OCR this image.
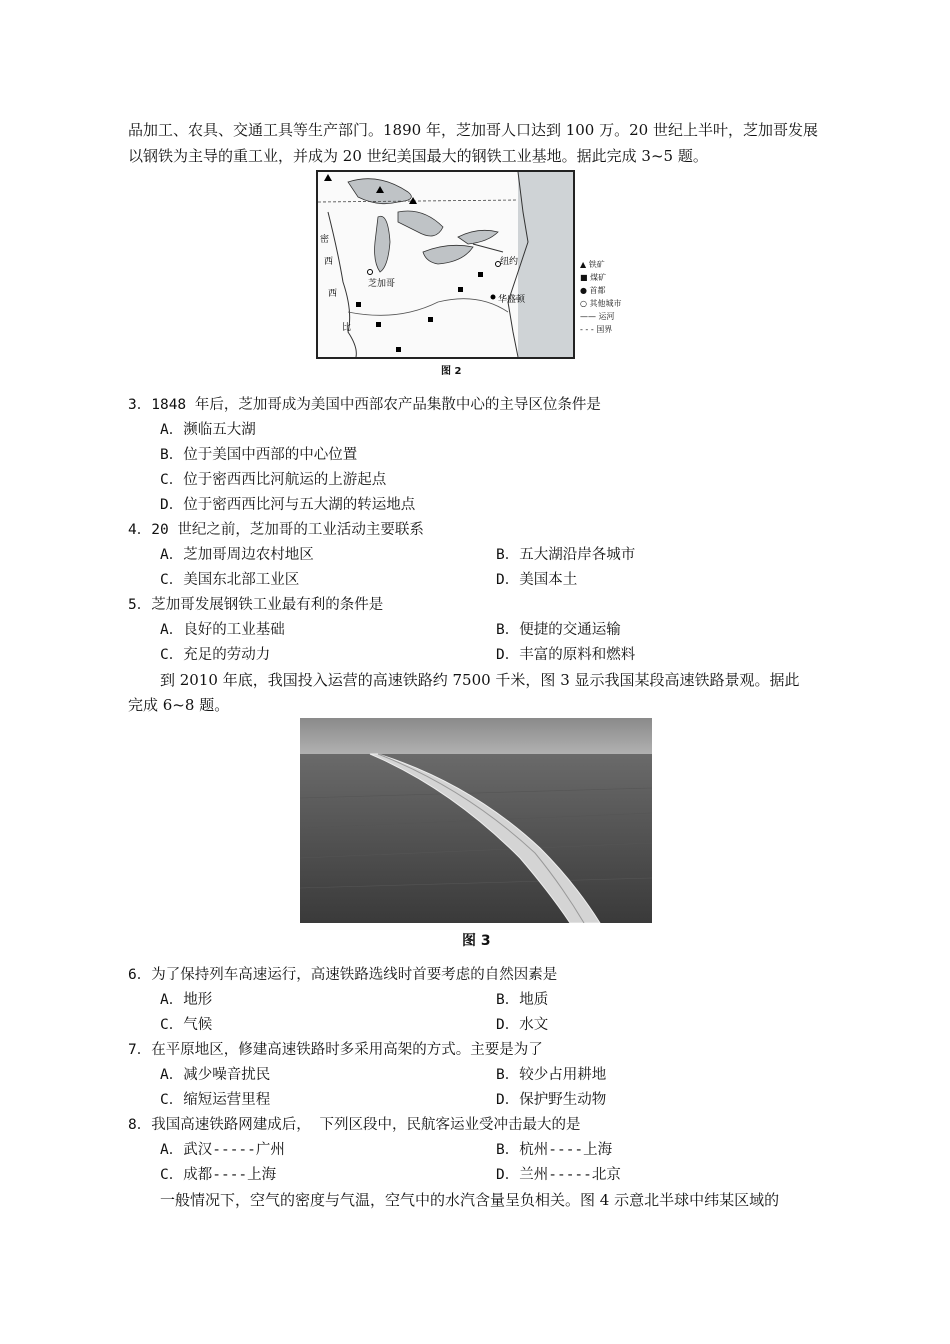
品加工、农具、交通工具等生产部门。1890 年，芝加哥人口达到 100 万。20 世纪上半叶，芝加哥发展
以钢铁为主导的重工业，并成为 20 世纪美国最大的钢铁工业基地。据此完成 3~5 题。
芝加哥
纽约
华盛顿
密
西
西
比
▲ 铁矿
■ 煤矿
● 首都
○ 其他城市
—— 运河
- - - 国界
图 2
3．1848 年后，芝加哥成为美国中西部农产品集散中心的主导区位条件是
A．濒临五大湖
B．位于美国中西部的中心位置
C．位于密西西比河航运的上游起点
D．位于密西西比河与五大湖的转运地点
4．20 世纪之前，芝加哥的工业活动主要联系
A．芝加哥周边农村地区	B．五大湖沿岸各城市
C．美国东北部工业区	D．美国本土
5．芝加哥发展钢铁工业最有利的条件是
A．良好的工业基础	B．便捷的交通运输
C．充足的劳动力	D．丰富的原料和燃料
到 2010 年底，我国投入运营的高速铁路约 7500 千米，图 3 显示我国某段高速铁路景观。据此
完成 6~8 题。
图 3
6．为了保持列车高速运行，高速铁路选线时首要考虑的自然因素是
A．地形	B．地质
C．气候	D．水文
7．在平原地区，修建高速铁路时多采用高架的方式。主要是为了
A．减少噪音扰民	B．较少占用耕地
C．缩短运营里程	D．保护野生动物
8．我国高速铁路网建成后， 下列区段中，民航客运业受冲击最大的是
A．武汉-----广州	B．杭州----上海
C．成都----上海	D．兰州-----北京
一般情况下，空气的密度与气温，空气中的水汽含量呈负相关。图 4 示意北半球中纬某区域的
